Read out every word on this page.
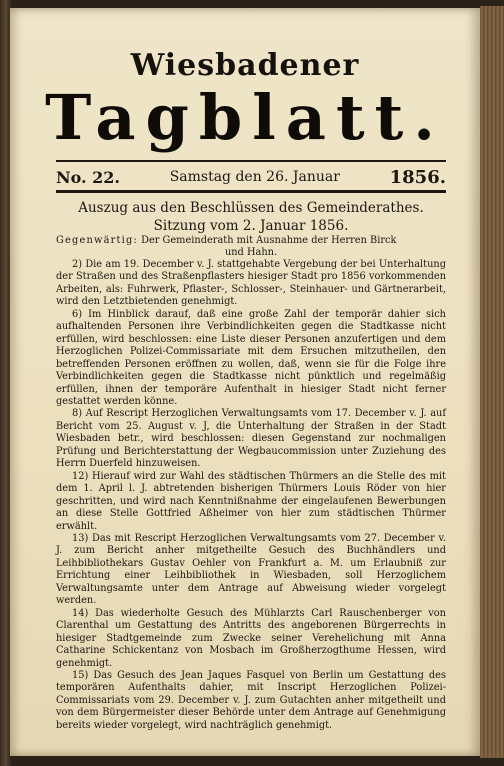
Wiesbadener
Tagblatt.
No. 22.	Samstag den 26. Januar	1856.

Auszug aus den Beschlüssen des Gemeinderathes.

Sitzung vom 2. Januar 1856.

Gegenwärtig: Der Gemeinderath mit Ausnahme der Herren Birck
und Hahn.

2) Die am 19. December v. J. stattgehabte Vergebung der bei Unterhaltung der Straßen und des Straßenpflasters hiesiger Stadt pro 1856 vorkommenden Arbeiten, als: Fuhrwerk, Pflaster-, Schlosser-, Steinhauer- und Gärtnerarbeit, wird den Letztbietenden genehmigt.

6) Im Hinblick darauf, daß eine große Zahl der temporär dahier sich aufhaltenden Personen ihre Verbindlichkeiten gegen die Stadtkasse nicht erfüllen, wird beschlossen: eine Liste dieser Personen anzufertigen und dem Herzoglichen Polizei-Commissariate mit dem Ersuchen mitzutheilen, den betreffenden Personen eröffnen zu wollen, daß, wenn sie für die Folge ihre Verbindlichkeiten gegen die Stadtkasse nicht pünktlich und regelmäßig erfüllen, ihnen der temporäre Aufenthalt in hiesiger Stadt nicht ferner gestattet werden könne.

8) Auf Rescript Herzoglichen Verwaltungsamts vom 17. December v. J. auf Bericht vom 25. August v. J, die Unterhaltung der Straßen in der Stadt Wiesbaden betr., wird beschlossen: diesen Gegenstand zur nochmaligen Prüfung und Berichterstattung der Wegbaucommission unter Zuziehung des Herrn Duerfeld hinzuweisen.

12) Hierauf wird zur Wahl des städtischen Thürmers an die Stelle des mit dem 1. April l. J. abtretenden bisherigen Thürmers Louis Röder von hier geschritten, und wird nach Kenntnißnahme der eingelaufenen Bewerbungen an diese Stelle Gottfried Aßheimer von hier zum städtischen Thürmer erwählt.

13) Das mit Rescript Herzoglichen Verwaltungsamts vom 27. December v. J. zum Bericht anher mitgetheilte Gesuch des Buchhändlers und Leihbibliothekars Gustav Oehler von Frankfurt a. M. um Erlaubniß zur Errichtung einer Leihbibliothek in Wiesbaden, soll Herzoglichem Verwaltungsamte unter dem Antrage auf Abweisung wieder vorgelegt werden.

14) Das wiederholte Gesuch des Mühlarzts Carl Rauschenberger von Clarenthal um Gestattung des Antritts des angeborenen Bürgerrechts in hiesiger Stadtgemeinde zum Zwecke seiner Verehelichung mit Anna Catharine Schickentanz von Mosbach im Großherzogthume Hessen, wird genehmigt.

15) Das Gesuch des Jean Jaques Fasquel von Berlin um Gestattung des temporären Aufenthalts dahier, mit Inscript Herzoglichen Polizei-Commissariats vom 29. December v. J. zum Gutachten anher mitgetheilt und von dem Bürgermeister dieser Behörde unter dem Antrage auf Genehmigung bereits wieder vorgelegt, wird nachträglich genehmigt.
